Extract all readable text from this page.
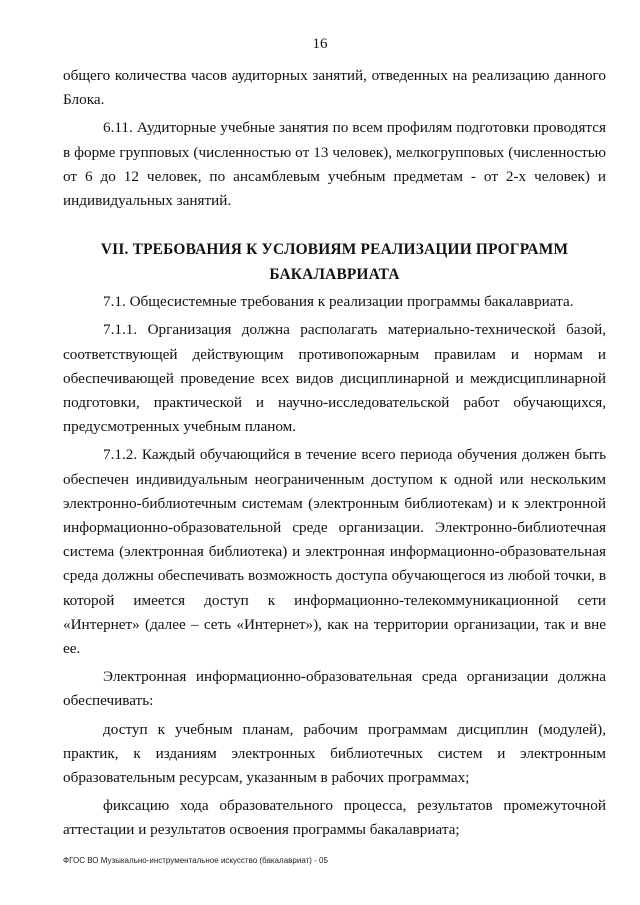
16

общего количества часов аудиторных занятий, отведенных на реализацию данного Блока.

6.11. Аудиторные учебные занятия по всем профилям подготовки проводятся в форме групповых (численностью от 13 человек), мелкогрупповых (численностью от 6 до 12 человек, по ансамблевым учебным предметам - от 2-х человек) и индивидуальных занятий.

VII. ТРЕБОВАНИЯ К УСЛОВИЯМ РЕАЛИЗАЦИИ ПРОГРАММ
БАКАЛАВРИАТА

7.1. Общесистемные требования к реализации программы бакалавриата.

7.1.1. Организация должна располагать материально-технической базой, соответствующей действующим противопожарным правилам и нормам и обеспечивающей проведение всех видов дисциплинарной и междисциплинарной подготовки, практической и научно-исследовательской работ обучающихся, предусмотренных учебным планом.

7.1.2. Каждый обучающийся в течение всего периода обучения должен быть обеспечен индивидуальным неограниченным доступом к одной или нескольким электронно-библиотечным системам (электронным библиотекам) и к электронной информационно-образовательной среде организации. Электронно-библиотечная система (электронная библиотека) и электронная информационно-образовательная среда должны обеспечивать возможность доступа обучающегося из любой точки, в которой имеется доступ к информационно-телекоммуникационной сети «Интернет» (далее – сеть «Интернет»), как на территории организации, так и вне ее.

Электронная информационно-образовательная среда организации должна обеспечивать:

доступ к учебным планам, рабочим программам дисциплин (модулей), практик, к изданиям электронных библиотечных систем и электронным образовательным ресурсам, указанным в рабочих программах;

фиксацию хода образовательного процесса, результатов промежуточной аттестации и результатов освоения программы бакалавриата;

ФГОС ВО Музыкально-инструментальное искусство (бакалавриат) - 05
